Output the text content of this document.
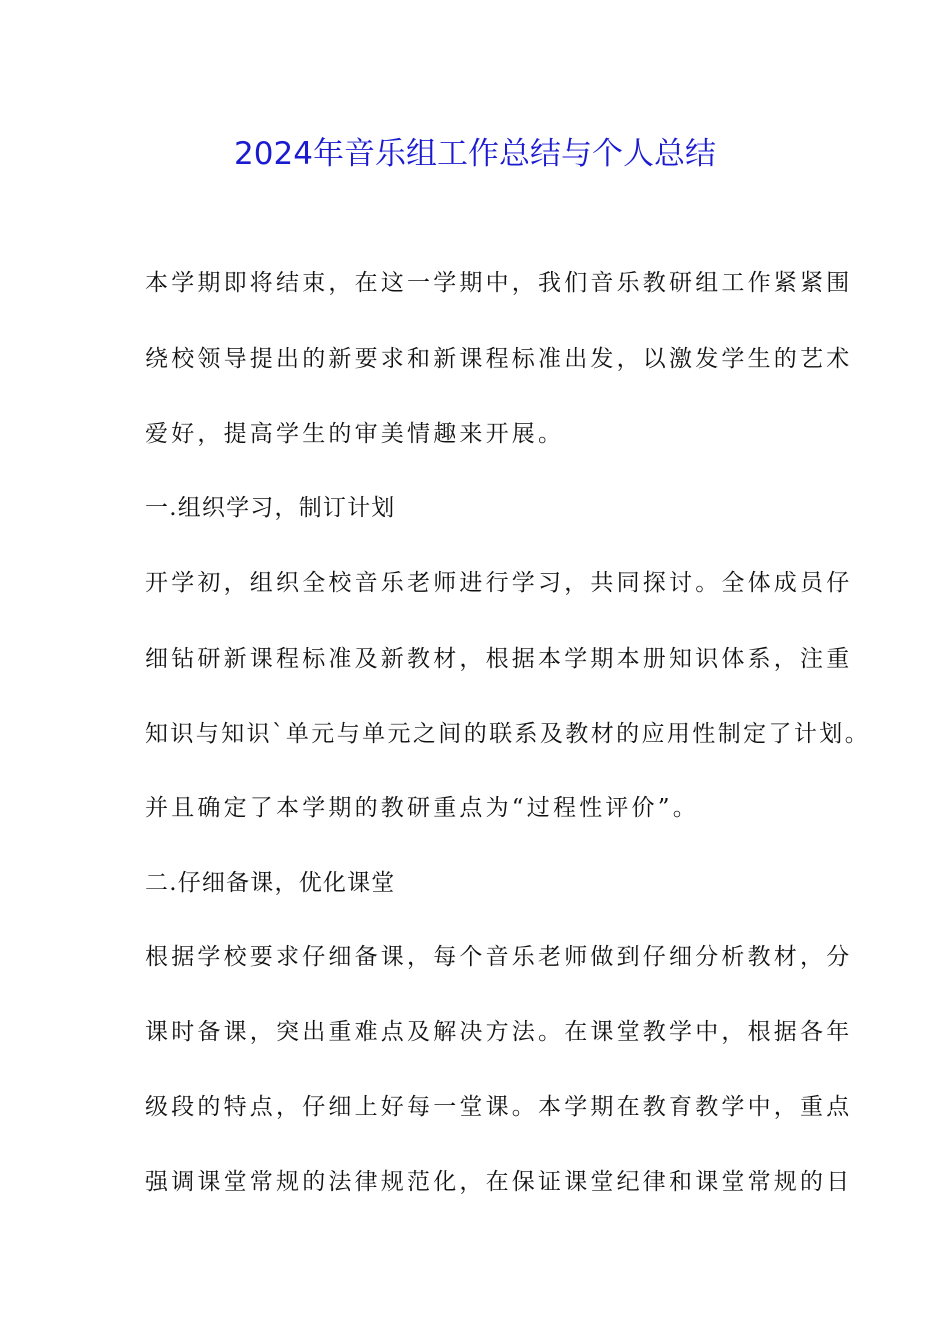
2024年音乐组工作总结与个人总结
本学期即将结束，在这一学期中，我们音乐教研组工作紧紧围
绕校领导提出的新要求和新课程标准出发，以激发学生的艺术
爱好，提高学生的审美情趣来开展。
一.组织学习，制订计划
开学初，组织全校音乐老师进行学习，共同探讨。全体成员仔
细钻研新课程标准及新教材，根据本学期本册知识体系，注重
知识与知识`单元与单元之间的联系及教材的应用性制定了计划。
并且确定了本学期的教研重点为“过程性评价”。
二.仔细备课，优化课堂
根据学校要求仔细备课，每个音乐老师做到仔细分析教材，分
课时备课，突出重难点及解决方法。在课堂教学中，根据各年
级段的特点，仔细上好每一堂课。本学期在教育教学中，重点
强调课堂常规的法律规范化，在保证课堂纪律和课堂常规的日
